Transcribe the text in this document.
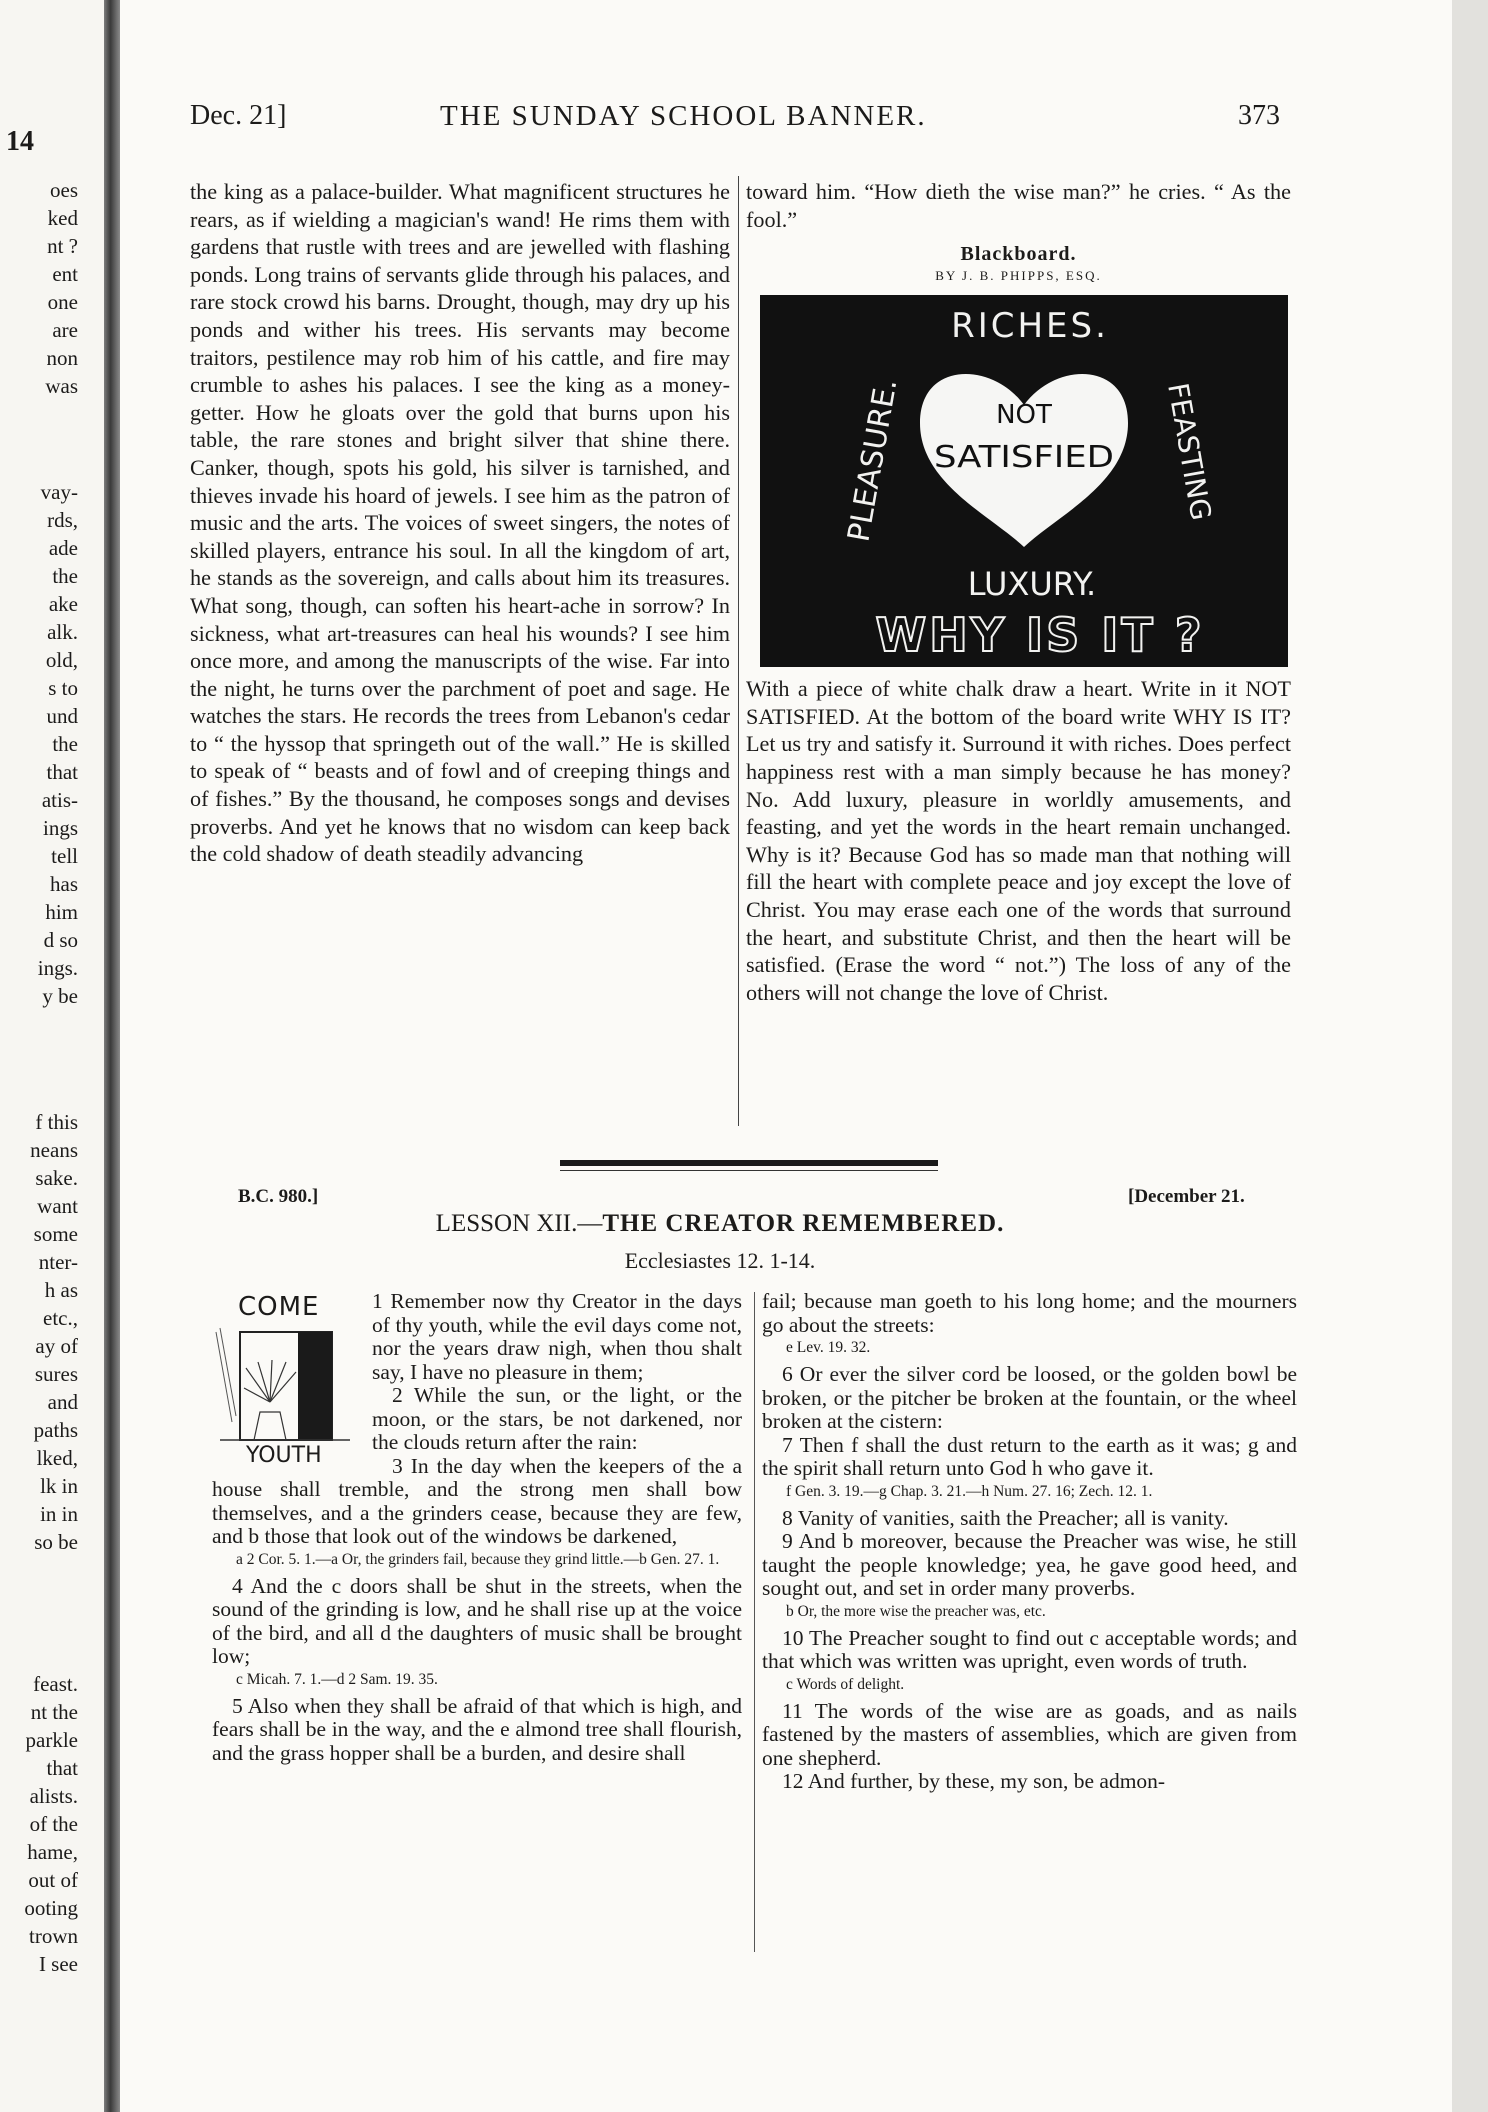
14
oes
ked
nt ?
ent
one
are
non
was
vay-
rds,
ade
the
ake
alk.
old,
s to
und
the
that
atis-
ings
tell
has
him
d so
ings.
y be
f this
neans
sake.
want
some
nter-
h as
etc.,
ay of
sures
and
paths
lked,
lk in
in in
so be
feast.
nt the
parkle
that
alists.
of the
hame,
out of
ooting
trown
I see
Dec. 21]	THE SUNDAY SCHOOL BANNER.	373
the king as a palace-builder. What magnificent structures he rears, as if wielding a magician's wand! He rims them with gardens that rustle with trees and are jewelled with flashing ponds. Long trains of servants glide through his palaces, and rare stock crowd his barns. Drought, though, may dry up his ponds and wither his trees. His servants may become traitors, pestilence may rob him of his cattle, and fire may crumble to ashes his palaces. I see the king as a money-getter. How he gloats over the gold that burns upon his table, the rare stones and bright silver that shine there. Canker, though, spots his gold, his silver is tarnished, and thieves invade his hoard of jewels. I see him as the patron of music and the arts. The voices of sweet singers, the notes of skilled players, entrance his soul. In all the kingdom of art, he stands as the sovereign, and calls about him its treasures. What song, though, can soften his heart-ache in sorrow? In sickness, what art-treasures can heal his wounds? I see him once more, and among the manuscripts of the wise. Far into the night, he turns over the parchment of poet and sage. He watches the stars. He records the trees from Lebanon's cedar to “ the hyssop that springeth out of the wall.” He is skilled to speak of “ beasts and of fowl and of creeping things and of fishes.” By the thousand, he composes songs and devises proverbs. And yet he knows that no wisdom can keep back the cold shadow of death steadily advancing
toward him. “How dieth the wise man?” he cries. “ As the fool.”
Blackboard.
BY J. B. PHIPPS, ESQ.
RICHES.
PLEASURE.	FEASTING
NOT
SATISFIED
LUXURY.
WHY IS IT ?
With a piece of white chalk draw a heart. Write in it NOT SATISFIED. At the bottom of the board write WHY IS IT? Let us try and satisfy it. Surround it with riches. Does perfect happiness rest with a man simply because he has money? No. Add luxury, pleasure in worldly amusements, and feasting, and yet the words in the heart remain unchanged. Why is it? Because God has so made man that nothing will fill the heart with complete peace and joy except the love of Christ. You may erase each one of the words that surround the heart, and substitute Christ, and then the heart will be satisfied. (Erase the word “ not.”) The loss of any of the others will not change the love of Christ.
B.C. 980.]	[December 21.
LESSON XII.—THE CREATOR REMEMBERED.
Ecclesiastes 12. 1-14.
COME
YOUTH

1 Remember now thy Creator in the days of thy youth, while the evil days come not, nor the years draw nigh, when thou shalt say, I have no pleasure in them;

2 While the sun, or the light, or the moon, or the stars, be not darkened, nor the clouds return after the rain:

3 In the day when the keepers of the a house shall tremble, and the strong men shall bow themselves, and a the grinders cease, because they are few, and b those that look out of the windows be darkened,

a 2 Cor. 5. 1.—a Or, the grinders fail, because they grind little.—b Gen. 27. 1.

4 And the c doors shall be shut in the streets, when the sound of the grinding is low, and he shall rise up at the voice of the bird, and all d the daughters of music shall be brought low;

c Micah. 7. 1.—d 2 Sam. 19. 35.

5 Also when they shall be afraid of that which is high, and fears shall be in the way, and the e almond tree shall flourish, and the grass hopper shall be a burden, and desire shall

fail; because man goeth to his long home; and the mourners go about the streets:

e Lev. 19. 32.

6 Or ever the silver cord be loosed, or the golden bowl be broken, or the pitcher be broken at the fountain, or the wheel broken at the cistern:

7 Then f shall the dust return to the earth as it was; g and the spirit shall return unto God h who gave it.

f Gen. 3. 19.—g Chap. 3. 21.—h Num. 27. 16; Zech. 12. 1.

8 Vanity of vanities, saith the Preacher; all is vanity.

9 And b moreover, because the Preacher was wise, he still taught the people knowledge; yea, he gave good heed, and sought out, and set in order many proverbs.

b Or, the more wise the preacher was, etc.

10 The Preacher sought to find out c acceptable words; and that which was written was upright, even words of truth.

c Words of delight.

11 The words of the wise are as goads, and as nails fastened by the masters of assemblies, which are given from one shepherd.

12 And further, by these, my son, be admon-
